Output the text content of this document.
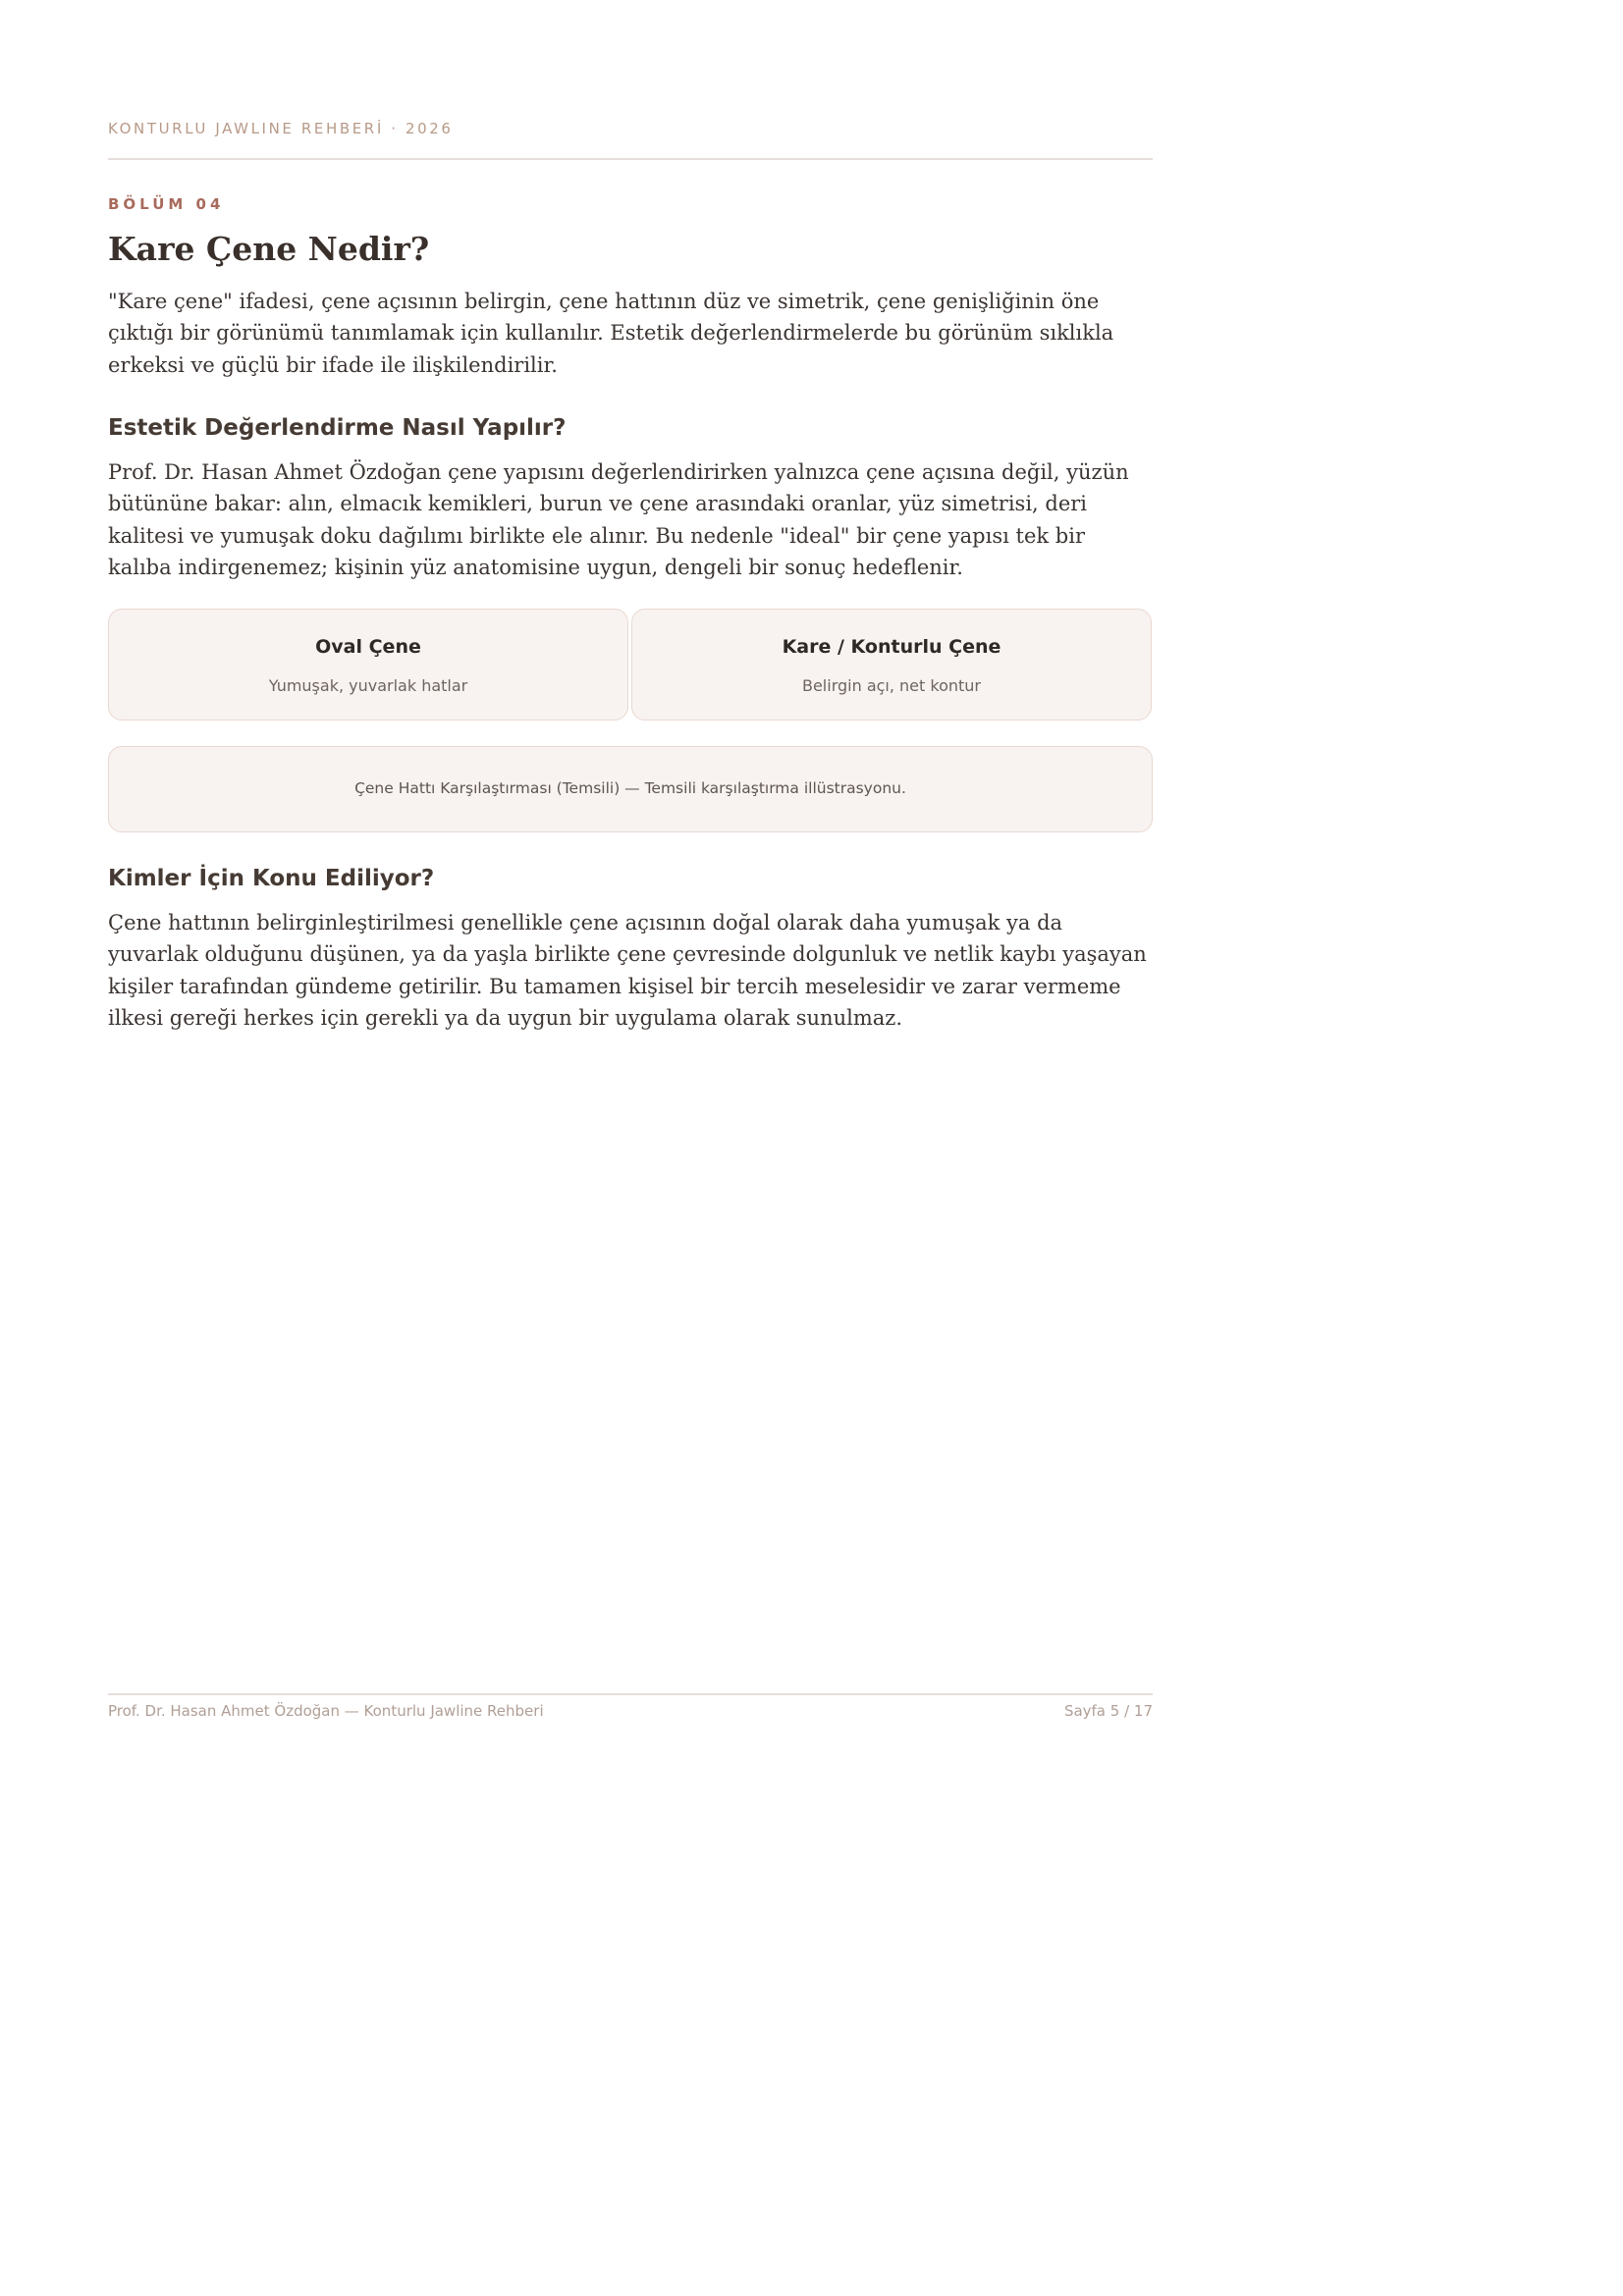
KONTURLU JAWLINE REHBERİ · 2026
BÖLÜM 04
Kare Çene Nedir?

"Kare çene" ifadesi, çene açısının belirgin, çene hattının düz ve simetrik, çene genişliğinin öne çıktığı bir görünümü tanımlamak için kullanılır. Estetik değerlendirmelerde bu görünüm sıklıkla erkeksi ve güçlü bir ifade ile ilişkilendirilir.

Estetik Değerlendirme Nasıl Yapılır?

Prof. Dr. Hasan Ahmet Özdoğan çene yapısını değerlendirirken yalnızca çene açısına değil, yüzün bütününe bakar: alın, elmacık kemikleri, burun ve çene arasındaki oranlar, yüz simetrisi, deri kalitesi ve yumuşak doku dağılımı birlikte ele alınır. Bu nedenle "ideal" bir çene yapısı tek bir kalıba indirgenemez; kişinin yüz anatomisine uygun, dengeli bir sonuç hedeflenir.

Oval Çene
Yumuşak, yuvarlak hatlar
Kare / Konturlu Çene
Belirgin açı, net kontur
Çene Hattı Karşılaştırması (Temsili) — Temsili karşılaştırma illüstrasyonu.
Kimler İçin Konu Ediliyor?

Çene hattının belirginleştirilmesi genellikle çene açısının doğal olarak daha yumuşak ya da yuvarlak olduğunu düşünen, ya da yaşla birlikte çene çevresinde dolgunluk ve netlik kaybı yaşayan kişiler tarafından gündeme getirilir. Bu tamamen kişisel bir tercih meselesidir ve zarar vermeme ilkesi gereği herkes için gerekli ya da uygun bir uygulama olarak sunulmaz.

Prof. Dr. Hasan Ahmet Özdoğan — Konturlu Jawline Rehberi	Sayfa 5 / 17
